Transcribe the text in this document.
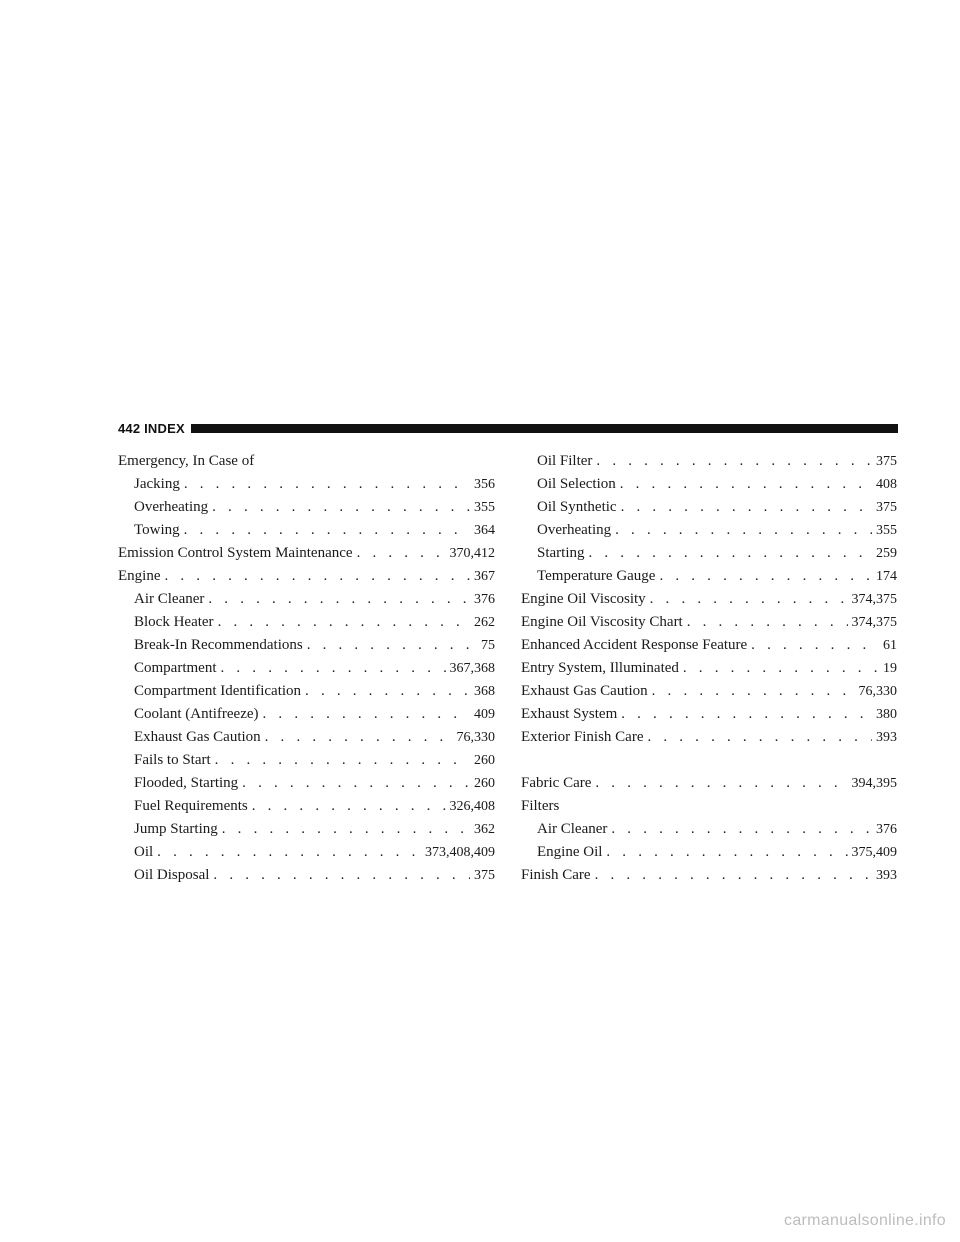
442 INDEX
Emergency, In Case of
Jacking . . .	356
Overheating . . .	355
Towing . . .	364
Emission Control System Maintenance . . .	370,412
Engine . . .	367
Air Cleaner . . .	376
Block Heater . . .	262
Break-In Recommendations . . .	75
Compartment . . .	367,368
Compartment Identification . . .	368
Coolant (Antifreeze) . . .	409
Exhaust Gas Caution . . .	76,330
Fails to Start . . .	260
Flooded, Starting . . .	260
Fuel Requirements . . .	326,408
Jump Starting . . .	362
Oil . . .	373,408,409
Oil Disposal . . .	375
Oil Filter . . .	375
Oil Selection . . .	408
Oil Synthetic . . .	375
Overheating . . .	355
Starting . . .	259
Temperature Gauge . . .	174
Engine Oil Viscosity . . .	374,375
Engine Oil Viscosity Chart . . .	374,375
Enhanced Accident Response Feature . . .	61
Entry System, Illuminated . . .	19
Exhaust Gas Caution . . .	76,330
Exhaust System . . .	380
Exterior Finish Care . . .	393
Fabric Care . . .	394,395
Filters
Air Cleaner . . .	376
Engine Oil . . .	375,409
Finish Care . . .	393
carmanualsonline.info
